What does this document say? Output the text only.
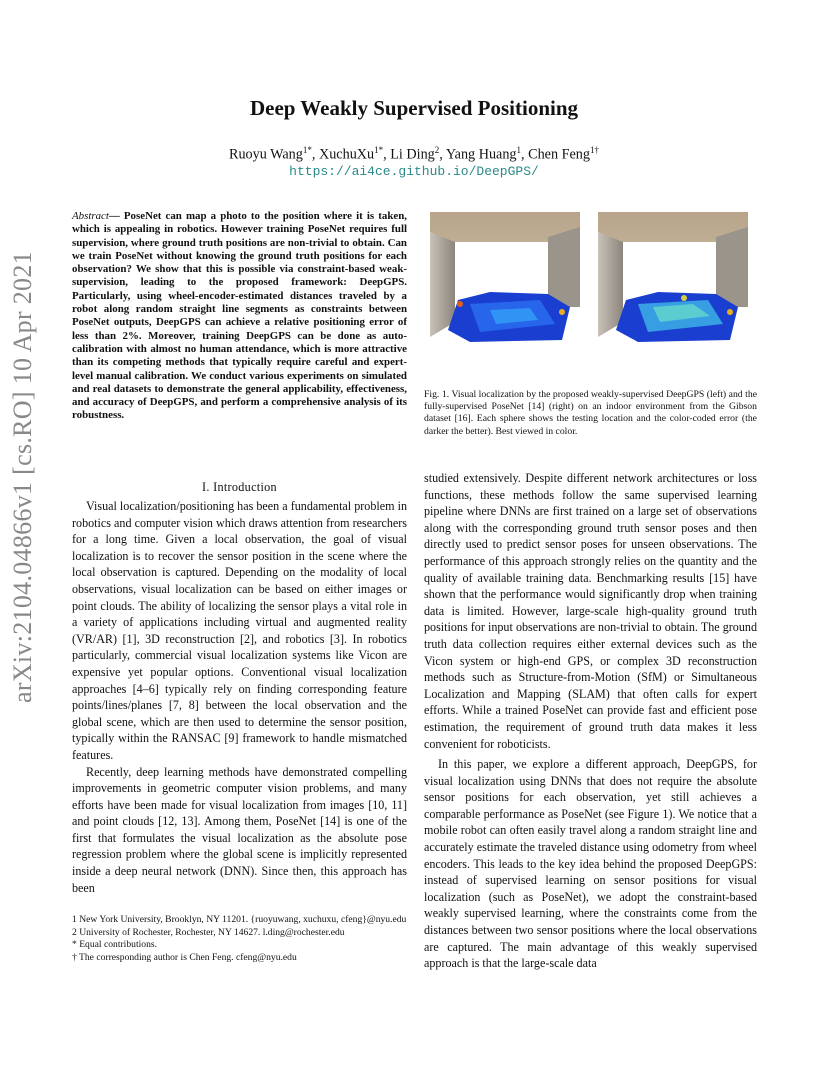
Deep Weakly Supervised Positioning
Ruoyu Wang$^{1*}$, XuchuXu$^{1*}$, Li Ding$^2$, Yang Huang$^1$, Chen Feng$^{1\dagger}$
https://ai4ce.github.io/DeepGPS/
arXiv:2104.04866v1 [cs.RO] 10 Apr 2021
Abstract— PoseNet can map a photo to the position where it is taken, which is appealing in robotics. However training PoseNet requires full supervision, where ground truth positions are non-trivial to obtain. Can we train PoseNet without knowing the ground truth positions for each observation? We show that this is possible via constraint-based weak-supervision, leading to the proposed framework: DeepGPS. Particularly, using wheel-encoder-estimated distances traveled by a robot along random straight line segments as constraints between PoseNet outputs, DeepGPS can achieve a relative positioning error of less than 2%. Moreover, training DeepGPS can be done as auto-calibration with almost no human attendance, which is more attractive than its competing methods that typically require careful and expert-level manual calibration. We conduct various experiments on simulated and real datasets to demonstrate the general applicability, effectiveness, and accuracy of DeepGPS, and perform a comprehensive analysis of its robustness.
Fig. 1. Visual localization by the proposed weakly-supervised DeepGPS (left) and the fully-supervised PoseNet [14] (right) on an indoor environment from the Gibson dataset [16]. Each sphere shows the testing location and the color-coded error (the darker the better). Best viewed in color.
I. Introduction

Visual localization/positioning has been a fundamental problem in robotics and computer vision which draws attention from researchers for a long time. Given a local observation, the goal of visual localization is to recover the sensor position in the scene where the local observation is captured. Depending on the modality of local observations, visual localization can be based on either images or point clouds. The ability of localizing the sensor plays a vital role in a variety of applications including virtual and augmented reality (VR/AR) [1], 3D reconstruction [2], and robotics [3]. In robotics particularly, commercial visual localization systems like Vicon are expensive yet popular options. Conventional visual localization approaches [4–6] typically rely on finding corresponding feature points/lines/planes [7, 8] between the local observation and the global scene, which are then used to determine the sensor position, typically within the RANSAC [9] framework to handle mismatched features.

Recently, deep learning methods have demonstrated compelling improvements in geometric computer vision problems, and many efforts have been made for visual localization from images [10, 11] and point clouds [12, 13]. Among them, PoseNet [14] is one of the first that formulates the visual localization as the absolute pose regression problem where the global scene is implicitly represented inside a deep neural network (DNN). Since then, this approach has been

studied extensively. Despite different network architectures or loss functions, these methods follow the same supervised learning pipeline where DNNs are first trained on a large set of observations along with the corresponding ground truth sensor poses and then directly used to predict sensor poses for unseen observations. The performance of this approach strongly relies on the quantity and the quality of available training data. Benchmarking results [15] have shown that the performance would significantly drop when training data is limited. However, large-scale high-quality ground truth positions for input observations are non-trivial to obtain. The ground truth data collection requires either external devices such as the Vicon system or high-end GPS, or complex 3D reconstruction methods such as Structure-from-Motion (SfM) or Simultaneous Localization and Mapping (SLAM) that often calls for expert efforts. While a trained PoseNet can provide fast and efficient pose estimation, the requirement of ground truth data makes it less convenient for roboticists.

In this paper, we explore a different approach, DeepGPS, for visual localization using DNNs that does not require the absolute sensor positions for each observation, yet still achieves a comparable performance as PoseNet (see Figure 1). We notice that a mobile robot can often easily travel along a random straight line and accurately estimate the traveled distance using odometry from wheel encoders. This leads to the key idea behind the proposed DeepGPS: instead of supervised learning on sensor positions for visual localization (such as PoseNet), we adopt the constraint-based weakly supervised learning, where the constraints come from the distances between two sensor positions where the local observations are captured. The main advantage of this weakly supervised approach is that the large-scale data

1 New York University, Brooklyn, NY 11201. {ruoyuwang, xuchuxu, cfeng}@nyu.edu
2 University of Rochester, Rochester, NY 14627. l.ding@rochester.edu
* Equal contributions.
† The corresponding author is Chen Feng. cfeng@nyu.edu
